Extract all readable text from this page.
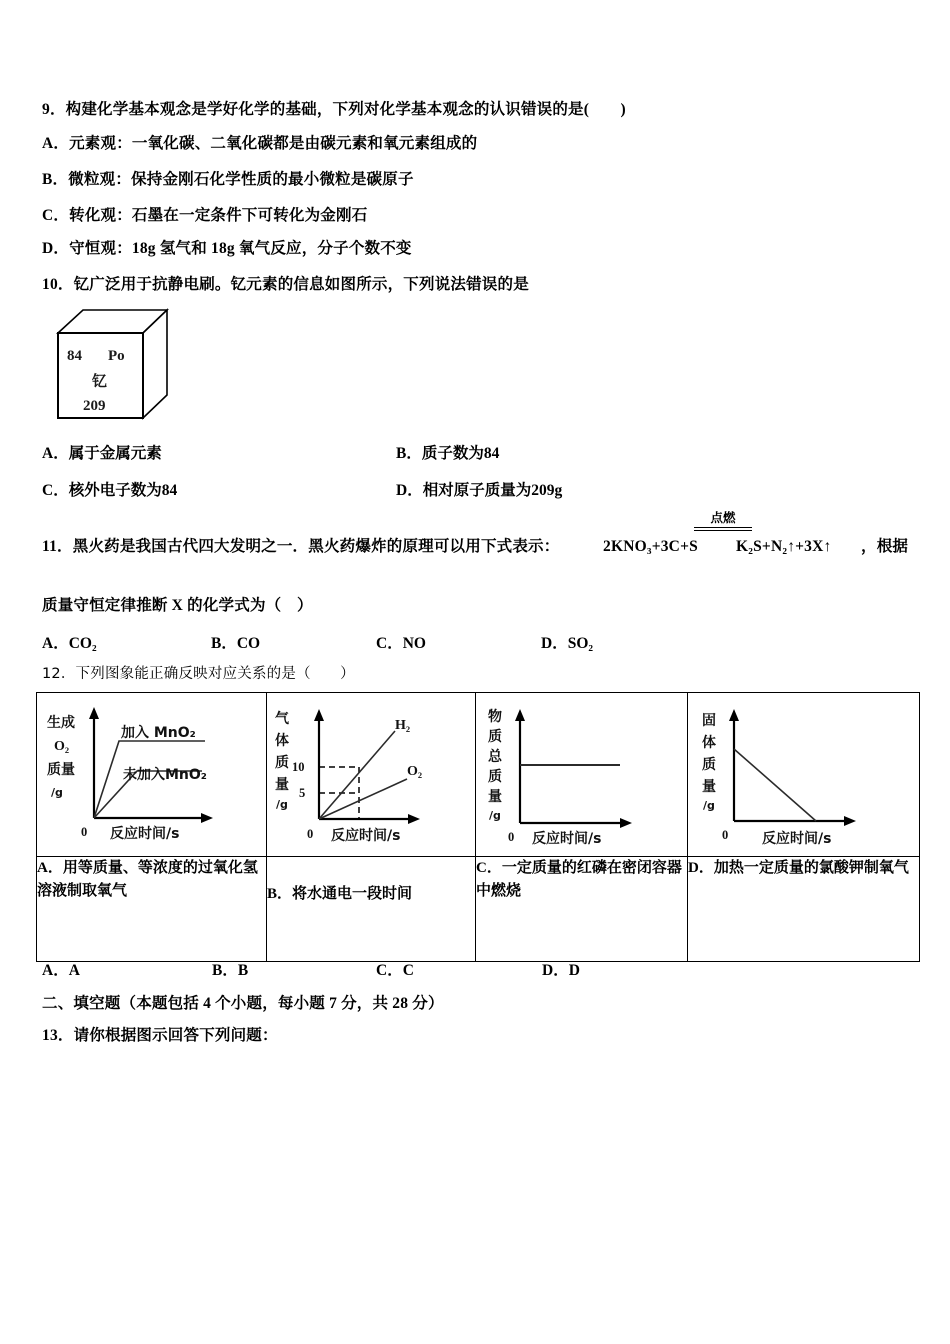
9．构建化学基本观念是学好化学的基础，下列对化学基本观念的认识错误的是(　　)
A．元素观：一氧化碳、二氧化碳都是由碳元素和氧元素组成的
B．微粒观：保持金刚石化学性质的最小微粒是碳原子
C．转化观：石墨在一定条件下可转化为金刚石
D．守恒观：18g 氢气和 18g 氧气反应，分子个数不变
10．钇广泛用于抗静电刷。钇元素的信息如图所示，下列说法错误的是
84 Po
钇
209
A．属于金属元素	B．质子数为84
C．核外电子数为84	D．相对原子质量为209g
11．黑火药是我国古代四大发明之一．黑火药爆炸的原理可以用下式表示：	2KNO₃+3C+S
点燃
K₂S+N₂↑+3X↑ ，根据
质量守恒定律推断 X 的化学式为（　）
A．CO₂	B．CO	C．NO	D．SO₂
12．下列图象能正确反映对应关系的是（　　）
生成
O₂
质量
/g
加入 MnO₂
未加入MnO₂
0 反应时间/s

气
体
质
量
/g
10
5
H₂
O₂
0 反应时间/s

物
质
总
质
量
/g
0 反应时间/s

固
体
质
量
/g
0 反应时间/s

A．用等质量、等浓度的过氧化氢溶液制取氧气	B．将水通电一段时间	C．一定质量的红磷在密闭容器中燃烧	D．加热一定质量的氯酸钾制氧气
A．A	B．B	C．C	D．D
二、填空题（本题包括 4 个小题，每小题 7 分，共 28 分）
13．请你根据图示回答下列问题：
